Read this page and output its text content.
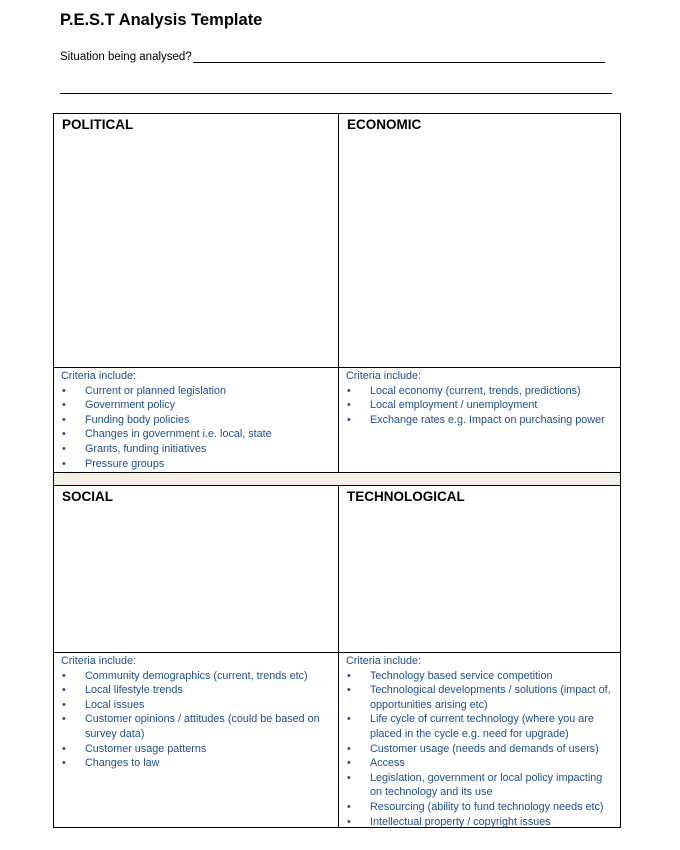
P.E.S.T Analysis Template
Situation being analysed?
POLITICAL
Criteria include:
• Current or planned legislation
• Government policy
• Funding body policies
• Changes in government i.e. local, state
• Grants, funding initiatives
• Pressure groups
ECONOMIC
Criteria include:
• Local economy (current, trends, predictions)
• Local employment / unemployment
• Exchange rates e.g. Impact on purchasing power
SOCIAL
Criteria include:
• Community demographics (current, trends etc)
• Local lifestyle trends
• Local issues
• Customer opinions / attitudes (could be based on survey data)
• Customer usage patterns
• Changes to law
TECHNOLOGICAL
Criteria include:
• Technology based service competition
• Technological developments / solutions (impact of, opportunities arising etc)
• Life cycle of current technology (where you are placed in the cycle e.g. need for upgrade)
• Customer usage (needs and demands of users)
• Access
• Legislation, government or local policy impacting on technology and its use
• Resourcing (ability to fund technology needs etc)
• Intellectual property / copyright issues
